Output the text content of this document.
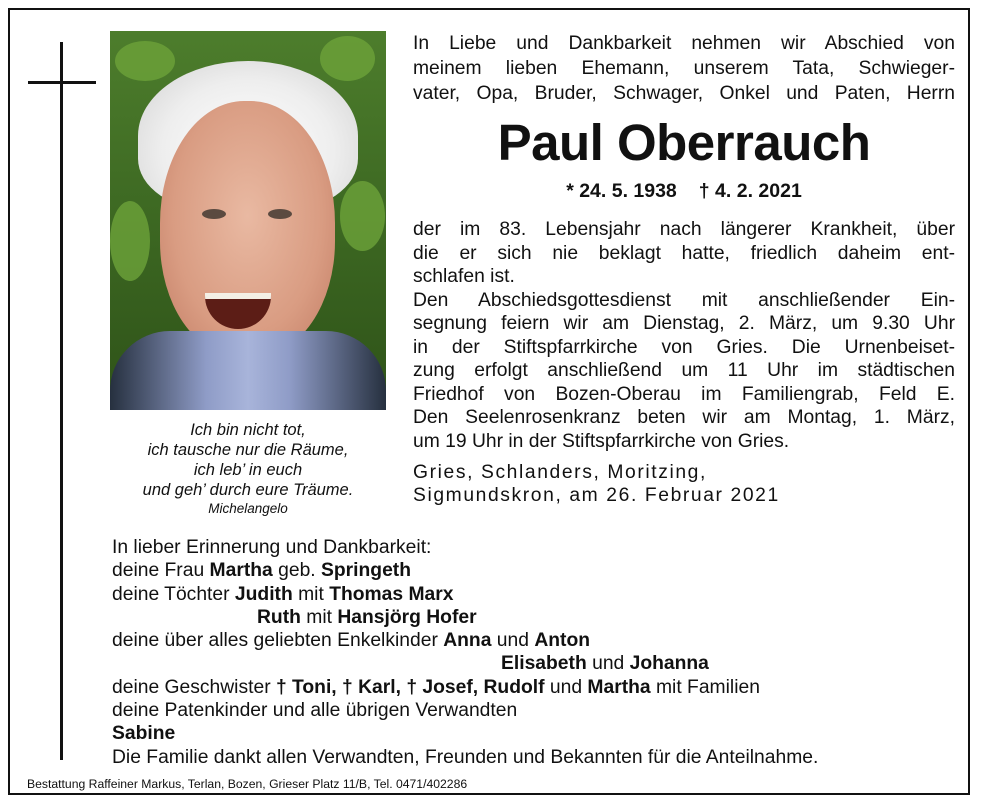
Ich bin nicht tot,
ich tausche nur die Räume,
ich leb’ in euch
und geh’ durch eure Träume.
Michelangelo
In Liebe und Dankbarkeit nehmen wir Abschied von
meinem lieben Ehemann, unserem Tata, Schwieger-
vater, Opa, Bruder, Schwager, Onkel und Paten, Herrn
Paul Oberrauch
* 24. 5. 1938 † 4. 2. 2021
der im 83. Lebensjahr nach längerer Krankheit, über
die er sich nie beklagt hatte, friedlich daheim ent-
schlafen ist.
Den Abschiedsgottesdienst mit anschließender Ein-
segnung feiern wir am Dienstag, 2. März, um 9.30 Uhr
in der Stiftspfarrkirche von Gries. Die Urnenbeiset-
zung erfolgt anschließend um 11 Uhr im städtischen
Friedhof von Bozen-Oberau im Familiengrab, Feld E.
Den Seelenrosenkranz beten wir am Montag, 1. März,
um 19 Uhr in der Stiftspfarrkirche von Gries.
Gries, Schlanders, Moritzing,
Sigmundskron, am 26. Februar 2021
In lieber Erinnerung und Dankbarkeit:
deine Frau Martha geb. Springeth
deine Töchter Judith mit Thomas Marx
Ruth mit Hansjörg Hofer
deine über alles geliebten Enkelkinder Anna und Anton
Elisabeth und Johanna
deine Geschwister † Toni, † Karl, † Josef, Rudolf und Martha mit Familien
deine Patenkinder und alle übrigen Verwandten
Sabine
Die Familie dankt allen Verwandten, Freunden und Bekannten für die Anteilnahme.
Bestattung Raffeiner Markus, Terlan, Bozen, Grieser Platz 11/B, Tel. 0471/402286
